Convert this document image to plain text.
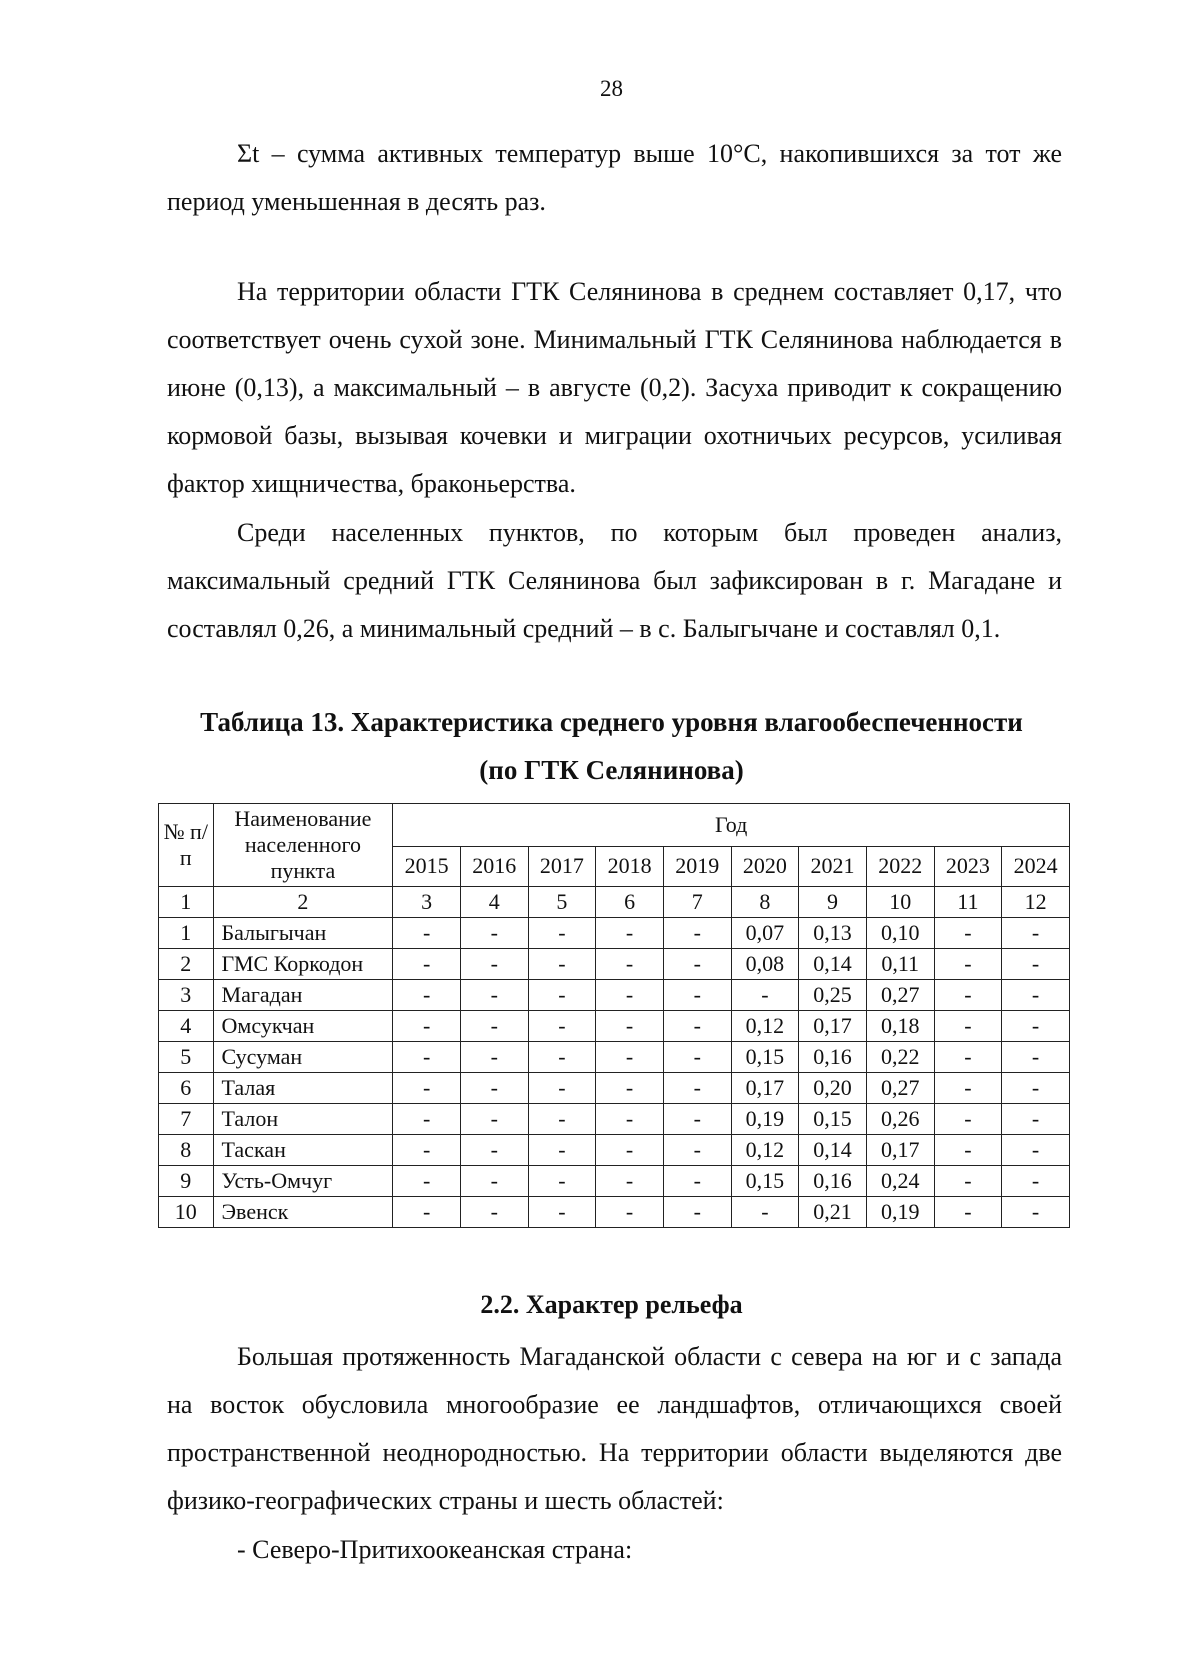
28

Σt – сумма активных температур выше 10°С, накопившихся за тот же период уменьшенная в десять раз.

На территории области ГТК Селянинова в среднем составляет 0,17, что соответствует очень сухой зоне. Минимальный ГТК Селянинова наблюдается в июне (0,13), а максимальный – в августе (0,2). Засуха приводит к сокращению кормовой базы, вызывая кочевки и миграции охотничьих ресурсов, усиливая фактор хищничества, браконьерства.

Среди населенных пунктов, по которым был проведен анализ, максимальный средний ГТК Селянинова был зафиксирован в г. Магадане и составлял 0,26, а минимальный средний – в с. Балыгычане и составлял 0,1.

Таблица 13. Характеристика среднего уровня влагообеспеченности
(по ГТК Селянинова)
№ п/п	Наименование населенного пункта	Год									
		2015	2016	2017	2018	2019	2020	2021	2022	2023	2024
1	2	3	4	5	6	7	8	9	10	11	12
1	Балыгычан	-	-	-	-	-	0,07	0,13	0,10	-	-
2	ГМС Коркодон	-	-	-	-	-	0,08	0,14	0,11	-	-
3	Магадан	-	-	-	-	-	-	0,25	0,27	-	-
4	Омсукчан	-	-	-	-	-	0,12	0,17	0,18	-	-
5	Сусуман	-	-	-	-	-	0,15	0,16	0,22	-	-
6	Талая	-	-	-	-	-	0,17	0,20	0,27	-	-
7	Талон	-	-	-	-	-	0,19	0,15	0,26	-	-
8	Таскан	-	-	-	-	-	0,12	0,14	0,17	-	-
9	Усть-Омчуг	-	-	-	-	-	0,15	0,16	0,24	-	-
10	Эвенск	-	-	-	-	-	-	0,21	0,19	-	-
2.2. Характер рельефа

Большая протяженность Магаданской области с севера на юг и с запада на восток обусловила многообразие ее ландшафтов, отличающихся своей пространственной неоднородностью. На территории области выделяются две физико-географических страны и шесть областей:

- Северо-Притихоокеанская страна:
